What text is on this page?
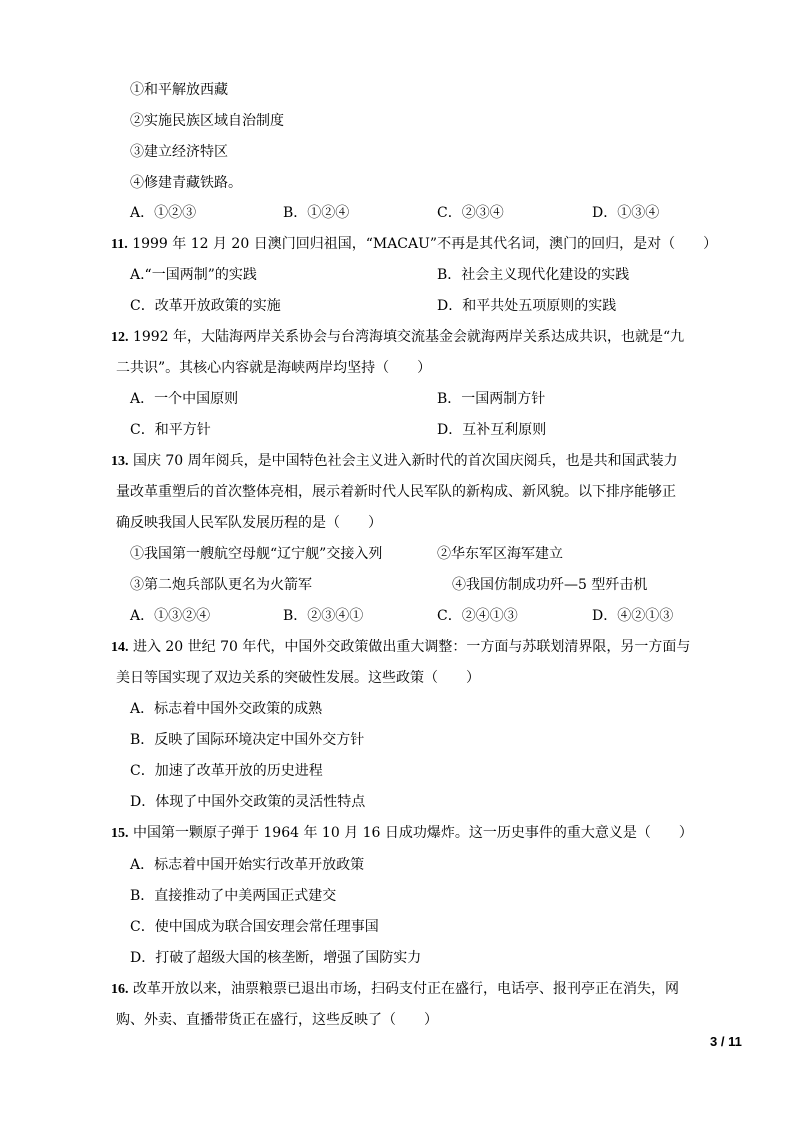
①和平解放西藏
②实施民族区域自治制度
③建立经济特区
④修建青藏铁路。
A．①②③	B．①②④	C．②③④	D．①③④
11. 1999 年 12 月 20 日澳门回归祖国，“MACAU”不再是其代名词，澳门的回归，是对（　　）
A.“一国两制”的实践	B．社会主义现代化建设的实践
C．改革开放政策的实施	D．和平共处五项原则的实践
12. 1992 年，大陆海两岸关系协会与台湾海填交流基金会就海两岸关系达成共识，也就是“九
二共识”。其核心内容就是海峡两岸均坚持（　　）
A．一个中国原则	B．一国两制方针
C．和平方针	D．互补互利原则
13. 国庆 70 周年阅兵，是中国特色社会主义进入新时代的首次国庆阅兵，也是共和国武装力
量改革重塑后的首次整体亮相，展示着新时代人民军队的新构成、新风貌。以下排序能够正
确反映我国人民军队发展历程的是（　　）
①我国第一艘航空母舰“辽宁舰”交接入列	②华东军区海军建立
③第二炮兵部队更名为火箭军	④我国仿制成功歼—5 型歼击机
A．①③②④	B．②③④①	C．②④①③	D．④②①③
14. 进入 20 世纪 70 年代，中国外交政策做出重大调整：一方面与苏联划清界限，另一方面与
美日等国实现了双边关系的突破性发展。这些政策（　　）
A．标志着中国外交政策的成熟
B．反映了国际环境决定中国外交方针
C．加速了改革开放的历史进程
D．体现了中国外交政策的灵活性特点
15. 中国第一颗原子弹于 1964 年 10 月 16 日成功爆炸。这一历史事件的重大意义是（　　）
A．标志着中国开始实行改革开放政策
B．直接推动了中美两国正式建交
C．使中国成为联合国安理会常任理事国
D．打破了超级大国的核垄断，增强了国防实力
16. 改革开放以来，油票粮票已退出市场，扫码支付正在盛行，电话亭、报刊亭正在消失，网
购、外卖、直播带货正在盛行，这些反映了（　　）
3 / 11
